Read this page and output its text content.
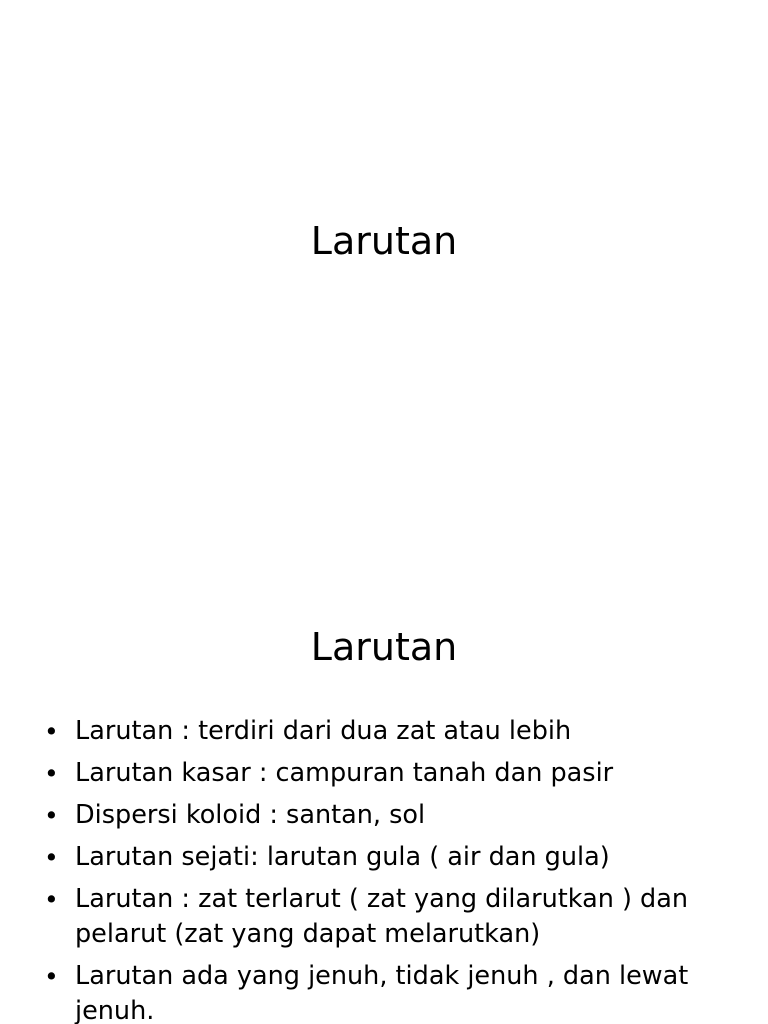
Larutan
Larutan
• Larutan : terdiri dari dua zat atau lebih
• Larutan kasar : campuran tanah dan pasir
• Dispersi koloid : santan, sol
• Larutan sejati: larutan gula ( air dan gula)
• Larutan : zat terlarut ( zat yang dilarutkan ) dan pelarut (zat yang dapat melarutkan)
• Larutan ada yang jenuh, tidak jenuh , dan lewat jenuh.
